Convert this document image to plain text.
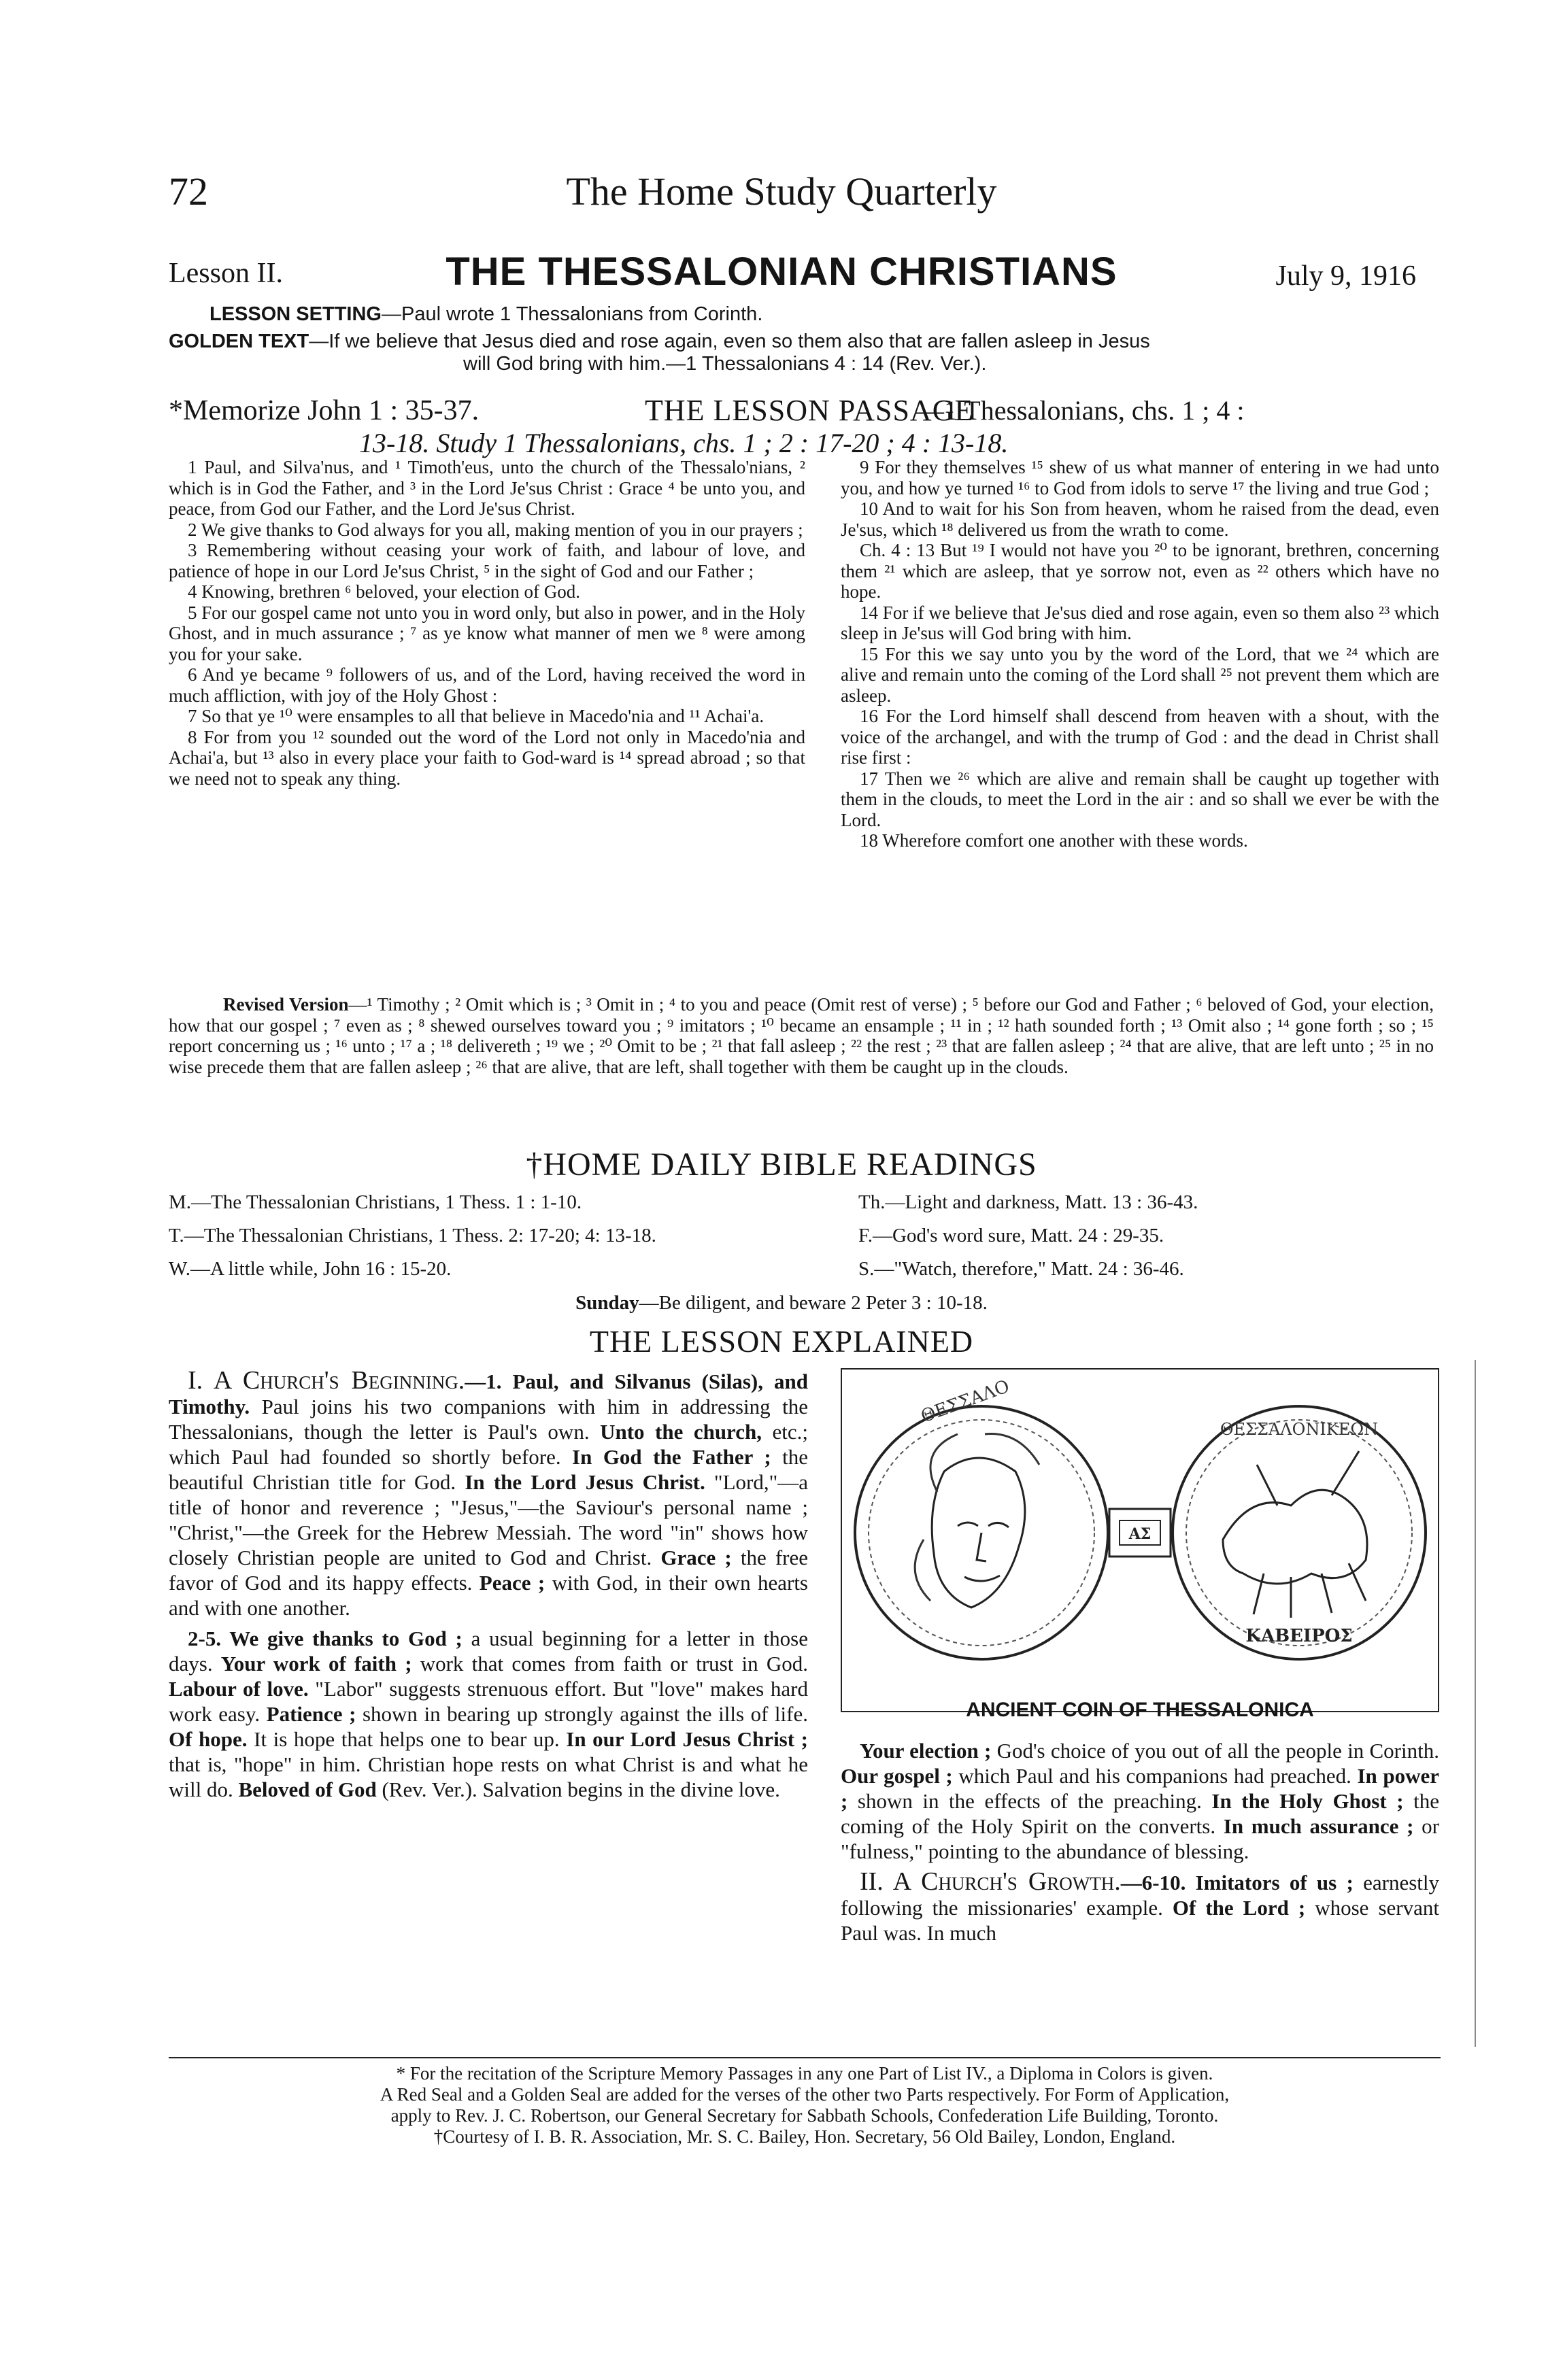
72	The Home Study Quarterly
Lesson II.	THE THESSALONIAN CHRISTIANS	July 9, 1916
LESSON SETTING—Paul wrote 1 Thessalonians from Corinth.
GOLDEN TEXT—If we believe that Jesus died and rose again, even so them also that are fallen asleep in Jesus
will God bring with him.—1 Thessalonians 4 : 14 (Rev. Ver.).
*Memorize John 1 : 35-37.	THE LESSON PASSAGE
—1 Thessalonians, chs. 1 ; 4 :
13-18. Study 1 Thessalonians, chs. 1 ; 2 : 17-20 ; 4 : 13-18.

1 Paul, and Silva'nus, and ¹ Timoth'eus, unto the church of the Thessalo'nians, ² which is in God the Father, and ³ in the Lord Je'sus Christ : Grace ⁴ be unto you, and peace, from God our Father, and the Lord Je'sus Christ.

2 We give thanks to God always for you all, making mention of you in our prayers ;

3 Remembering without ceasing your work of faith, and labour of love, and patience of hope in our Lord Je'sus Christ, ⁵ in the sight of God and our Father ;

4 Knowing, brethren ⁶ beloved, your election of God.

5 For our gospel came not unto you in word only, but also in power, and in the Holy Ghost, and in much assurance ; ⁷ as ye know what manner of men we ⁸ were among you for your sake.

6 And ye became ⁹ followers of us, and of the Lord, having received the word in much affliction, with joy of the Holy Ghost :

7 So that ye ¹⁰ were ensamples to all that believe in Macedo'nia and ¹¹ Achai'a.

8 For from you ¹² sounded out the word of the Lord not only in Macedo'nia and Achai'a, but ¹³ also in every place your faith to God-ward is ¹⁴ spread abroad ; so that we need not to speak any thing.

9 For they themselves ¹⁵ shew of us what manner of entering in we had unto you, and how ye turned ¹⁶ to God from idols to serve ¹⁷ the living and true God ;

10 And to wait for his Son from heaven, whom he raised from the dead, even Je'sus, which ¹⁸ delivered us from the wrath to come.

Ch. 4 : 13 But ¹⁹ I would not have you ²⁰ to be ignorant, brethren, concerning them ²¹ which are asleep, that ye sorrow not, even as ²² others which have no hope.

14 For if we believe that Je'sus died and rose again, even so them also ²³ which sleep in Je'sus will God bring with him.

15 For this we say unto you by the word of the Lord, that we ²⁴ which are alive and remain unto the coming of the Lord shall ²⁵ not prevent them which are asleep.

16 For the Lord himself shall descend from heaven with a shout, with the voice of the archangel, and with the trump of God : and the dead in Christ shall rise first :

17 Then we ²⁶ which are alive and remain shall be caught up together with them in the clouds, to meet the Lord in the air : and so shall we ever be with the Lord.

18 Wherefore comfort one another with these words.

Revised Version—¹ Timothy ; ² Omit which is ; ³ Omit in ; ⁴ to you and peace (Omit rest of verse) ; ⁵ before our God and Father ; ⁶ beloved of God, your election, how that our gospel ; ⁷ even as ; ⁸ shewed ourselves toward you ; ⁹ imitators ; ¹⁰ became an ensample ; ¹¹ in ; ¹² hath sounded forth ; ¹³ Omit also ; ¹⁴ gone forth ; so ; ¹⁵ report concerning us ; ¹⁶ unto ; ¹⁷ a ; ¹⁸ delivereth ; ¹⁹ we ; ²⁰ Omit to be ; ²¹ that fall asleep ; ²² the rest ; ²³ that are fallen asleep ; ²⁴ that are alive, that are left unto ; ²⁵ in no wise precede them that are fallen asleep ; ²⁶ that are alive, that are left, shall together with them be caught up in the clouds.
†HOME DAILY BIBLE READINGS
M.—The Thessalonian Christians, 1 Thess. 1 : 1-10.
T.—The Thessalonian Christians, 1 Thess. 2: 17-20; 4: 13-18.
W.—A little while, John 16 : 15-20.
Th.—Light and darkness, Matt. 13 : 36-43.
F.—God's word sure, Matt. 24 : 29-35.
S.—"Watch, therefore," Matt. 24 : 36-46.
Sunday—Be diligent, and beware 2 Peter 3 : 10-18.
THE LESSON EXPLAINED

I. A Church's Beginning.—1. Paul, and Silvanus (Silas), and Timothy. Paul joins his two companions with him in addressing the Thessalonians, though the letter is Paul's own. Unto the church, etc.; which Paul had founded so shortly before. In God the Father ; the beautiful Christian title for God. In the Lord Jesus Christ. "Lord,"—a title of honor and reverence ; "Jesus,"—the Saviour's personal name ; "Christ,"—the Greek for the Hebrew Messiah. The word "in" shows how closely Christian people are united to God and Christ. Grace ; the free favor of God and its happy effects. Peace ; with God, in their own hearts and with one another.

2-5. We give thanks to God ; a usual beginning for a letter in those days. Your work of faith ; work that comes from faith or trust in God. Labour of love. "Labor" suggests strenuous effort. But "love" makes hard work easy. Patience ; shown in bearing up strongly against the ills of life. Of hope. It is hope that helps one to bear up. In our Lord Jesus Christ ; that is, "hope" in him. Christian hope rests on what Christ is and what he will do. Beloved of God (Rev. Ver.). Salvation begins in the divine love.

ΘΕΣΣΑΛΟ
ΑΣ
ΘΕΣΣΑΛΟΝΙΚΕΩΝ
ΚΑΒΕΙΡΟΣ
ANCIENT COIN OF THESSALONICA

Your election ; God's choice of you out of all the people in Corinth. Our gospel ; which Paul and his companions had preached. In power ; shown in the effects of the preaching. In the Holy Ghost ; the coming of the Holy Spirit on the converts. In much assurance ; or "fulness," pointing to the abundance of blessing.

II. A Church's Growth.—6-10. Imitators of us ; earnestly following the missionaries' example. Of the Lord ; whose servant Paul was. In much

* For the recitation of the Scripture Memory Passages in any one Part of List IV., a Diploma in Colors is given.
A Red Seal and a Golden Seal are added for the verses of the other two Parts respectively. For Form of Application,
apply to Rev. J. C. Robertson, our General Secretary for Sabbath Schools, Confederation Life Building, Toronto.
†Courtesy of I. B. R. Association, Mr. S. C. Bailey, Hon. Secretary, 56 Old Bailey, London, England.
